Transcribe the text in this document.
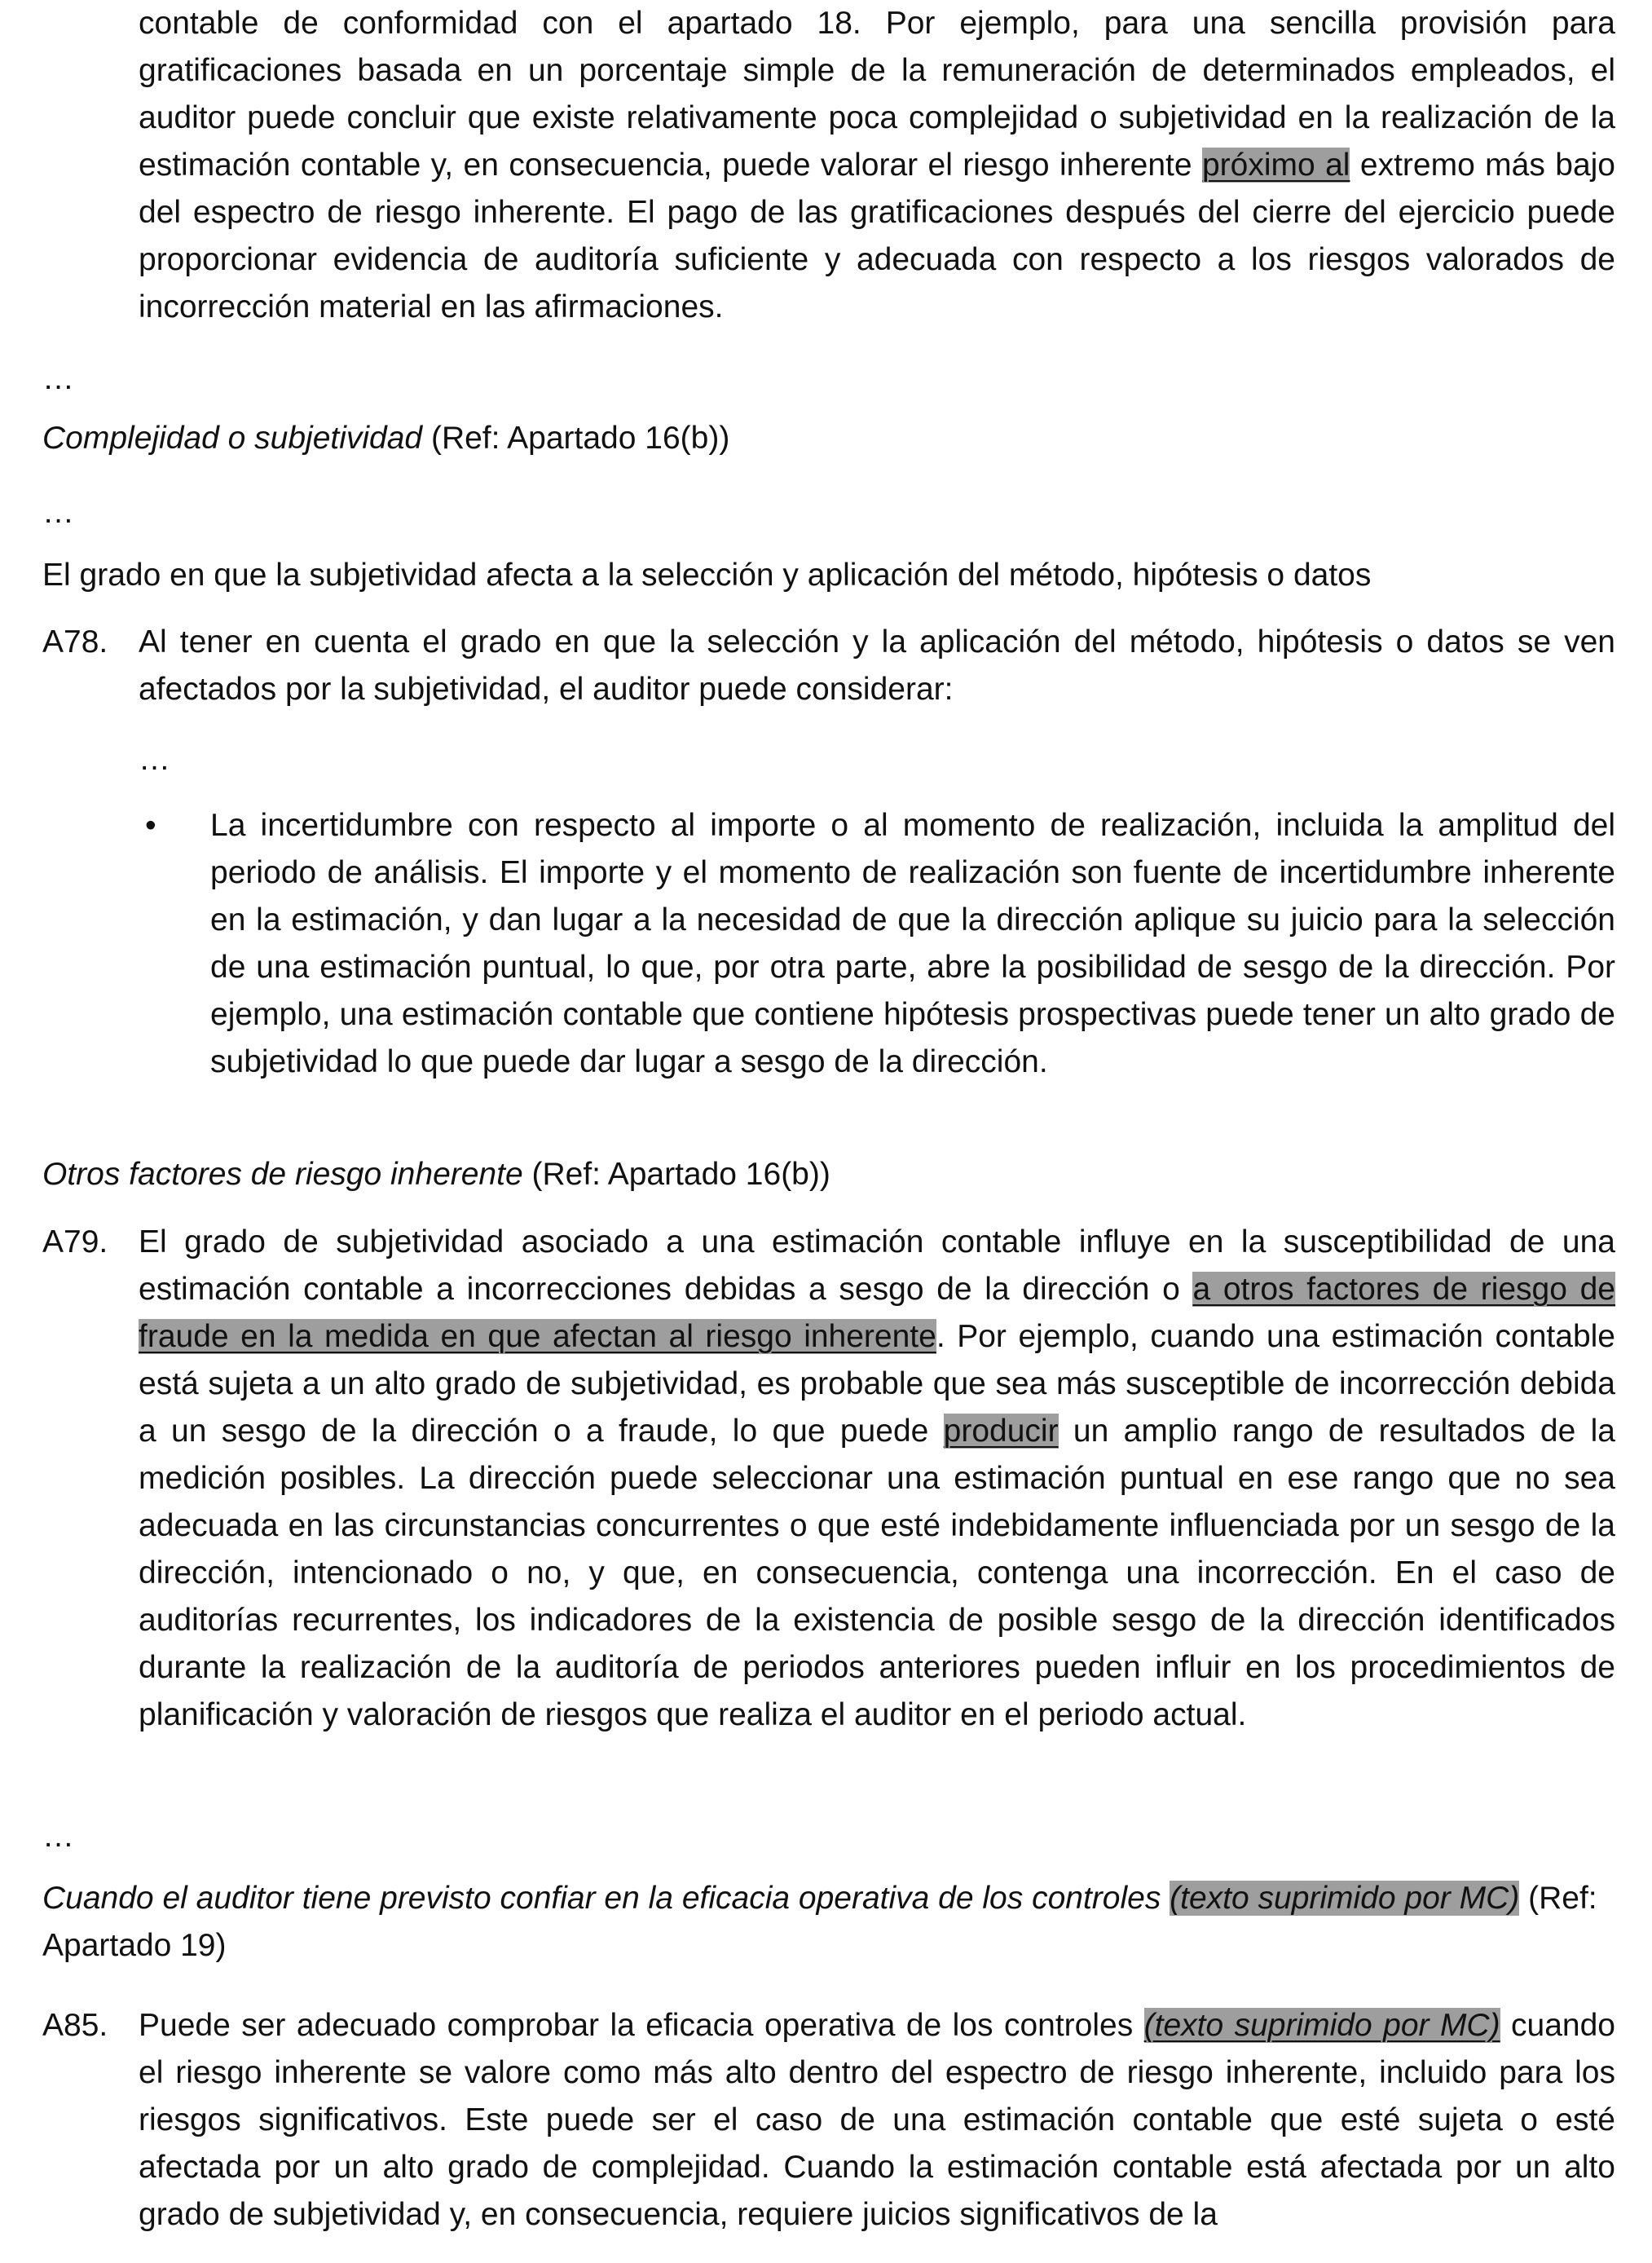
contable de conformidad con el apartado 18. Por ejemplo, para una sencilla provisión para gratificaciones basada en un porcentaje simple de la remuneración de determinados empleados, el auditor puede concluir que existe relativamente poca complejidad o subjetividad en la realización de la estimación contable y, en consecuencia, puede valorar el riesgo inherente próximo al extremo más bajo del espectro de riesgo inherente. El pago de las gratificaciones después del cierre del ejercicio puede proporcionar evidencia de auditoría suficiente y adecuada con respecto a los riesgos valorados de incorrección material en las afirmaciones.
…
Complejidad o subjetividad (Ref: Apartado 16(b))
…
El grado en que la subjetividad afecta a la selección y aplicación del método, hipótesis o datos
A78. Al tener en cuenta el grado en que la selección y la aplicación del método, hipótesis o datos se ven afectados por la subjetividad, el auditor puede considerar:
…
• La incertidumbre con respecto al importe o al momento de realización, incluida la amplitud del periodo de análisis. El importe y el momento de realización son fuente de incertidumbre inherente en la estimación, y dan lugar a la necesidad de que la dirección aplique su juicio para la selección de una estimación puntual, lo que, por otra parte, abre la posibilidad de sesgo de la dirección. Por ejemplo, una estimación contable que contiene hipótesis prospectivas puede tener un alto grado de subjetividad lo que puede dar lugar a sesgo de la dirección.
Otros factores de riesgo inherente (Ref: Apartado 16(b))
A79. El grado de subjetividad asociado a una estimación contable influye en la susceptibilidad de una estimación contable a incorrecciones debidas a sesgo de la dirección o a otros factores de riesgo de fraude en la medida en que afectan al riesgo inherente. Por ejemplo, cuando una estimación contable está sujeta a un alto grado de subjetividad, es probable que sea más susceptible de incorrección debida a un sesgo de la dirección o a fraude, lo que puede producir un amplio rango de resultados de la medición posibles. La dirección puede seleccionar una estimación puntual en ese rango que no sea adecuada en las circunstancias concurrentes o que esté indebidamente influenciada por un sesgo de la dirección, intencionado o no, y que, en consecuencia, contenga una incorrección. En el caso de auditorías recurrentes, los indicadores de la existencia de posible sesgo de la dirección identificados durante la realización de la auditoría de periodos anteriores pueden influir en los procedimientos de planificación y valoración de riesgos que realiza el auditor en el periodo actual.
…
Cuando el auditor tiene previsto confiar en la eficacia operativa de los controles (texto suprimido por MC) (Ref: Apartado 19)
A85. Puede ser adecuado comprobar la eficacia operativa de los controles (texto suprimido por MC) cuando el riesgo inherente se valore como más alto dentro del espectro de riesgo inherente, incluido para los riesgos significativos. Este puede ser el caso de una estimación contable que esté sujeta o esté afectada por un alto grado de complejidad. Cuando la estimación contable está afectada por un alto grado de subjetividad y, en consecuencia, requiere juicios significativos de la
